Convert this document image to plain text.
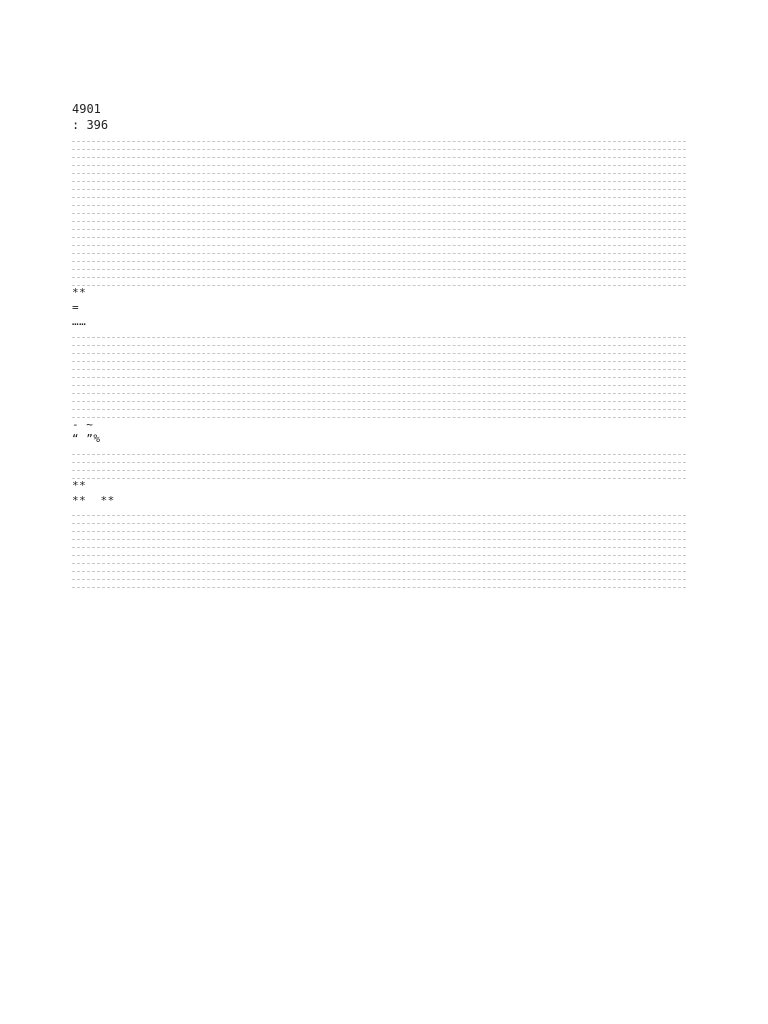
4901
: 396

**

=

……

- ~

“ ”%

**

**  **
